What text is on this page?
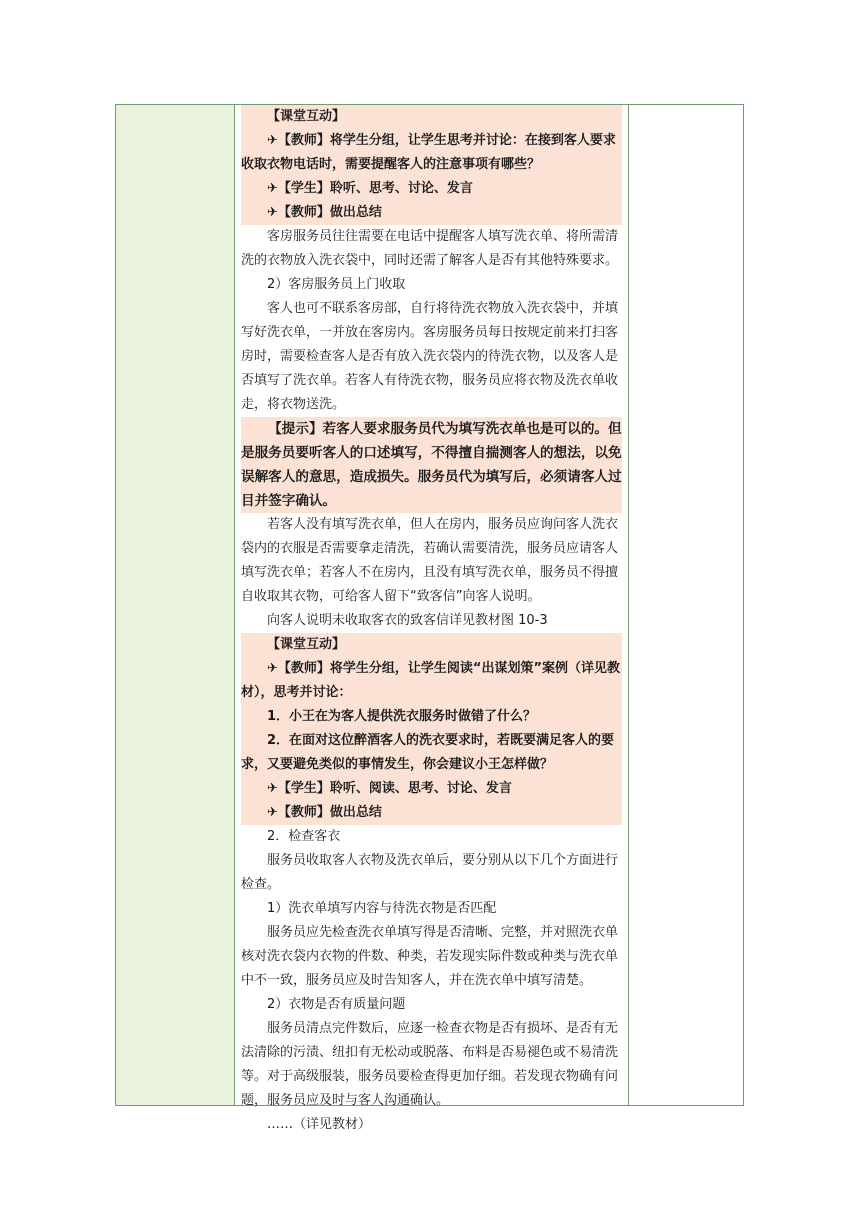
【课堂互动】

✈【教师】将学生分组，让学生思考并讨论：在接到客人要求收取衣物电话时，需要提醒客人的注意事项有哪些？

✈【学生】聆听、思考、讨论、发言

✈【教师】做出总结

客房服务员往往需要在电话中提醒客人填写洗衣单、将所需清洗的衣物放入洗衣袋中，同时还需了解客人是否有其他特殊要求。

2）客房服务员上门收取

客人也可不联系客房部，自行将待洗衣物放入洗衣袋中，并填写好洗衣单，一并放在客房内。客房服务员每日按规定前来打扫客房时，需要检查客人是否有放入洗衣袋内的待洗衣物，以及客人是否填写了洗衣单。若客人有待洗衣物，服务员应将衣物及洗衣单收走，将衣物送洗。

【提示】若客人要求服务员代为填写洗衣单也是可以的。但是服务员要听客人的口述填写，不得擅自揣测客人的想法，以免误解客人的意思，造成损失。服务员代为填写后，必须请客人过目并签字确认。

若客人没有填写洗衣单，但人在房内，服务员应询问客人洗衣袋内的衣服是否需要拿走清洗，若确认需要清洗，服务员应请客人填写洗衣单；若客人不在房内，且没有填写洗衣单，服务员不得擅自收取其衣物，可给客人留下“致客信”向客人说明。

向客人说明未收取客衣的致客信详见教材图 10-3

【课堂互动】

✈【教师】将学生分组，让学生阅读“出谋划策”案例（详见教材），思考并讨论：

1．小王在为客人提供洗衣服务时做错了什么？

2．在面对这位醉酒客人的洗衣要求时，若既要满足客人的要求，又要避免类似的事情发生，你会建议小王怎样做？

✈【学生】聆听、阅读、思考、讨论、发言

✈【教师】做出总结

2．检查客衣

服务员收取客人衣物及洗衣单后，要分别从以下几个方面进行检查。

1）洗衣单填写内容与待洗衣物是否匹配

服务员应先检查洗衣单填写得是否清晰、完整，并对照洗衣单核对洗衣袋内衣物的件数、种类，若发现实际件数或种类与洗衣单中不一致，服务员应及时告知客人，并在洗衣单中填写清楚。

2）衣物是否有质量问题

服务员清点完件数后，应逐一检查衣物是否有损坏、是否有无法清除的污渍、纽扣有无松动或脱落、布料是否易褪色或不易清洗等。对于高级服装，服务员要检查得更加仔细。若发现衣物确有问题，服务员应及时与客人沟通确认。

……（详见教材）
